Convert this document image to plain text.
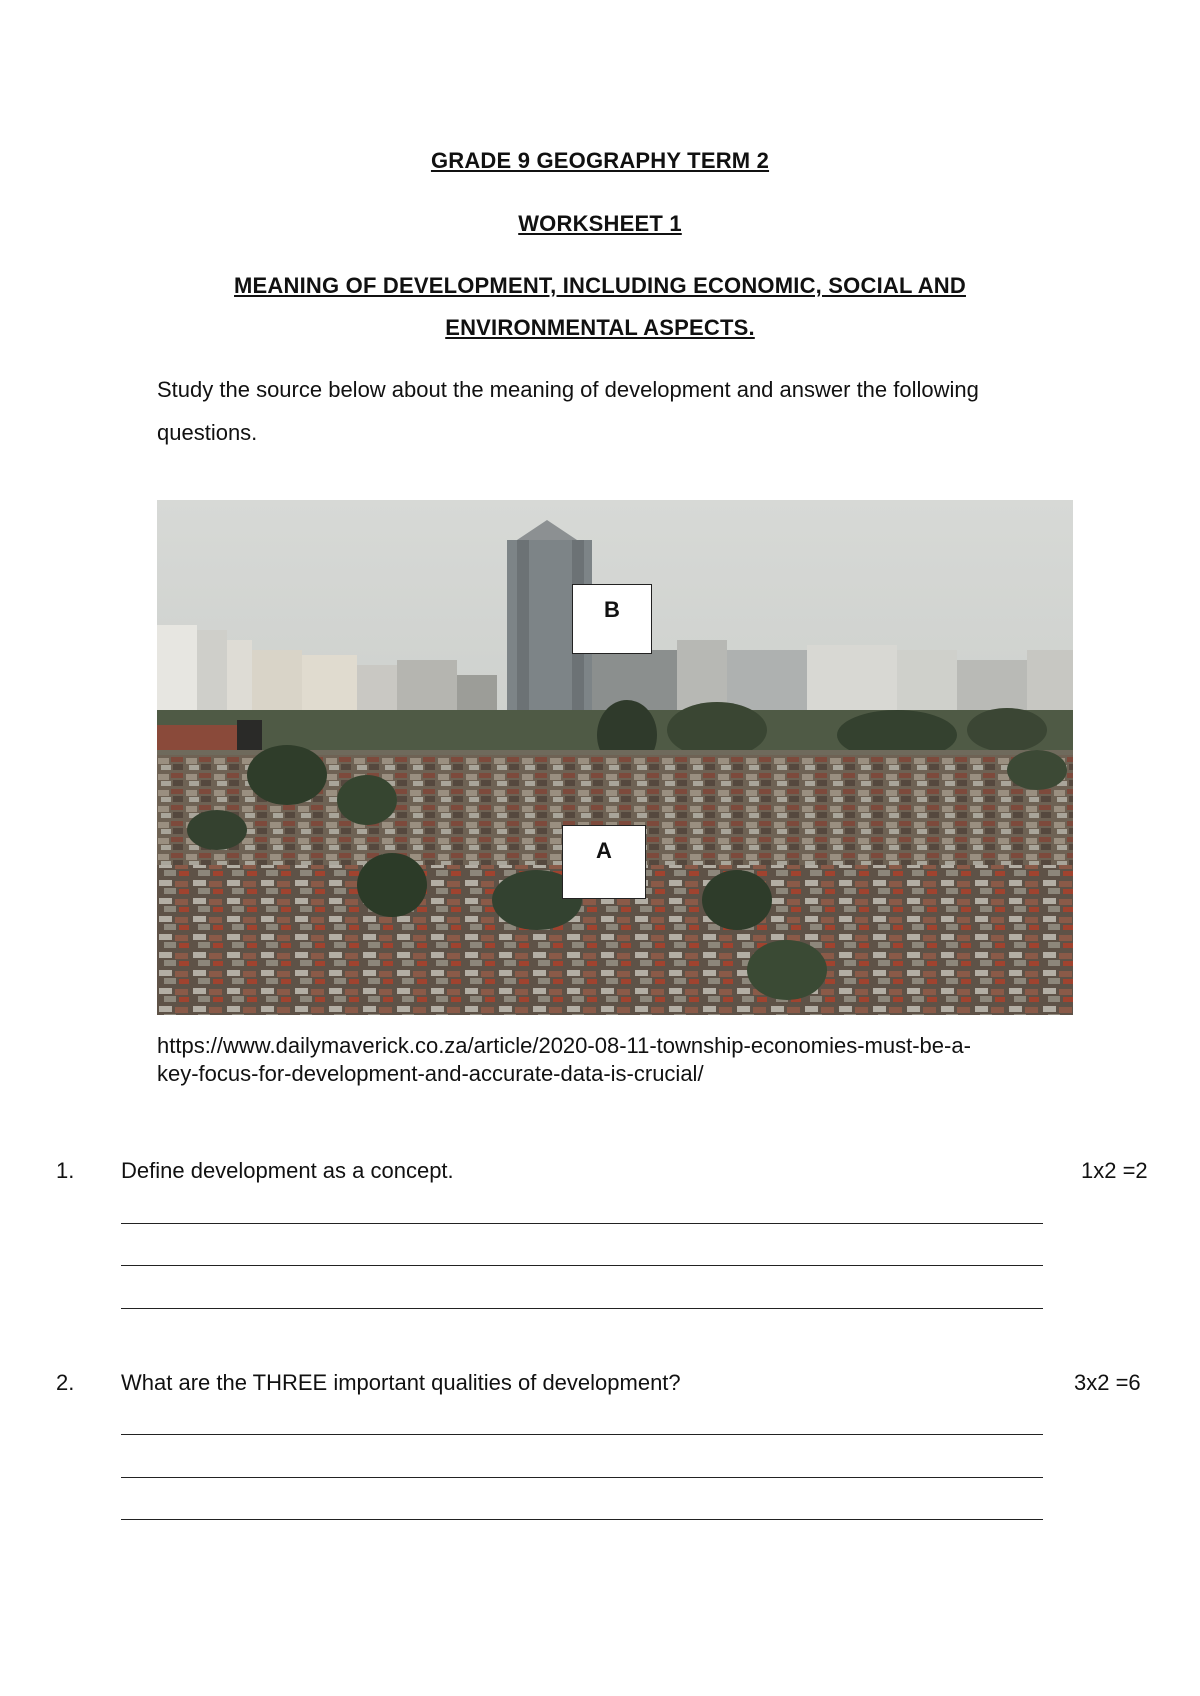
GRADE 9 GEOGRAPHY TERM 2
WORKSHEET 1
MEANING OF DEVELOPMENT, INCLUDING ECONOMIC, SOCIAL AND
ENVIRONMENTAL ASPECTS.
Study the source below about the meaning of development and answer the following
questions.
B
A
https://www.dailymaverick.co.za/article/2020-08-11-township-economies-must-be-a-
key-focus-for-development-and-accurate-data-is-crucial/
1. Define development as a concept.	1x2 =2
2. What are the THREE important qualities of development?	3x2 =6
